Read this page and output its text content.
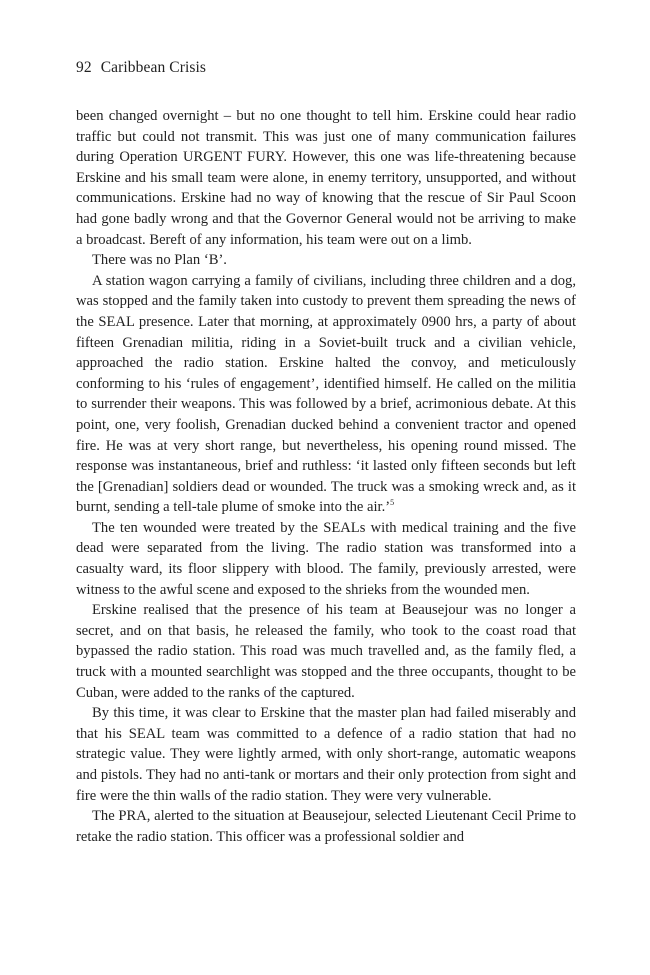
92 Caribbean Crisis

been changed overnight – but no one thought to tell him. Erskine could hear radio traffic but could not transmit. This was just one of many communication failures during Operation URGENT FURY. However, this one was life-threatening because Erskine and his small team were alone, in enemy territory, unsupported, and without communications. Erskine had no way of knowing that the rescue of Sir Paul Scoon had gone badly wrong and that the Governor General would not be arriving to make a broadcast. Bereft of any information, his team were out on a limb.

There was no Plan ‘B’.

A station wagon carrying a family of civilians, including three children and a dog, was stopped and the family taken into custody to prevent them spreading the news of the SEAL presence. Later that morning, at approximately 0900 hrs, a party of about fifteen Grenadian militia, riding in a Soviet-built truck and a civilian vehicle, approached the radio station. Erskine halted the convoy, and meticulously conforming to his ‘rules of engagement’, identified himself. He called on the militia to surrender their weapons. This was followed by a brief, acrimonious debate. At this point, one, very foolish, Grenadian ducked behind a convenient tractor and opened fire. He was at very short range, but nevertheless, his opening round missed. The response was instantaneous, brief and ruthless: ‘it lasted only fifteen seconds but left the [Grenadian] soldiers dead or wounded. The truck was a smoking wreck and, as it burnt, sending a tell-tale plume of smoke into the air.’$^5$

The ten wounded were treated by the SEALs with medical training and the five dead were separated from the living. The radio station was transformed into a casualty ward, its floor slippery with blood. The family, previously arrested, were witness to the awful scene and exposed to the shrieks from the wounded men.

Erskine realised that the presence of his team at Beausejour was no longer a secret, and on that basis, he released the family, who took to the coast road that bypassed the radio station. This road was much travelled and, as the family fled, a truck with a mounted searchlight was stopped and the three occupants, thought to be Cuban, were added to the ranks of the captured.

By this time, it was clear to Erskine that the master plan had failed miserably and that his SEAL team was committed to a defence of a radio station that had no strategic value. They were lightly armed, with only short-range, automatic weapons and pistols. They had no anti-tank or mortars and their only protection from sight and fire were the thin walls of the radio station. They were very vulnerable.

The PRA, alerted to the situation at Beausejour, selected Lieutenant Cecil Prime to retake the radio station. This officer was a professional soldier and
